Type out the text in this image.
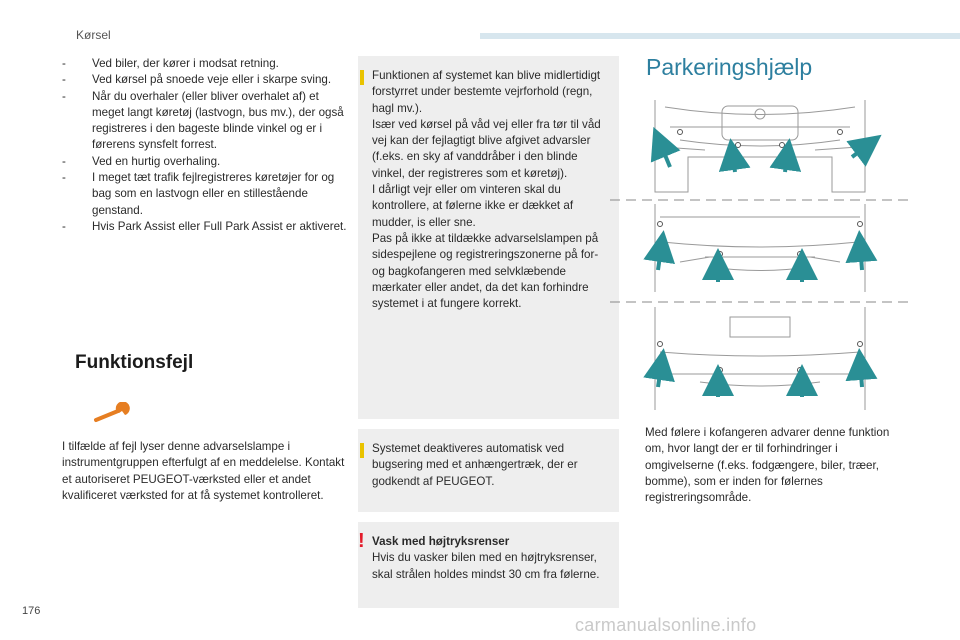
Kørsel
- Ved biler, der kører i modsat retning.
- Ved kørsel på snoede veje eller i skarpe sving.
- Når du overhaler (eller bliver overhalet af) et meget langt køretøj (lastvogn, bus mv.), der også registreres i den bageste blinde vinkel og er i førerens synsfelt forrest.
- Ved en hurtig overhaling.
- I meget tæt trafik fejlregistreres køretøjer for og bag som en lastvogn eller en stillestående genstand.
- Hvis Park Assist eller Full Park Assist er aktiveret.
Funktionsfejl
I tilfælde af fejl lyser denne advarselslampe i instrumentgruppen efterfulgt af en meddelelse. Kontakt et autoriseret PEUGEOT-værksted eller et andet kvalificeret værksted for at få systemet kontrolleret.
Funktionen af systemet kan blive midlertidigt forstyrret under bestemte vejrforhold (regn, hagl mv.).
Især ved kørsel på våd vej eller fra tør til våd vej kan der fejlagtigt blive afgivet advarsler (f.eks. en sky af vanddråber i den blinde vinkel, der registreres som et køretøj).
I dårligt vejr eller om vinteren skal du kontrollere, at følerne ikke er dækket af mudder, is eller sne.
Pas på ikke at tildække advarselslampen på sidespejlene og registreringszonerne på for- og bagkofangeren med selvklæbende mærkater eller andet, da det kan forhindre systemet i at fungere korrekt.
Systemet deaktiveres automatisk ved bugsering med et anhængertræk, der er godkendt af PEUGEOT.
! Vask med højtryksrenser
Hvis du vasker bilen med en højtryksrenser, skal strålen holdes mindst 30 cm fra følerne.
Parkeringshjælp
Med følere i kofangeren advarer denne funktion om, hvor langt der er til forhindringer i omgivelserne (f.eks. fodgængere, biler, træer, bomme), som er inden for følernes registreringsområde.
176
carmanualsonline.info
